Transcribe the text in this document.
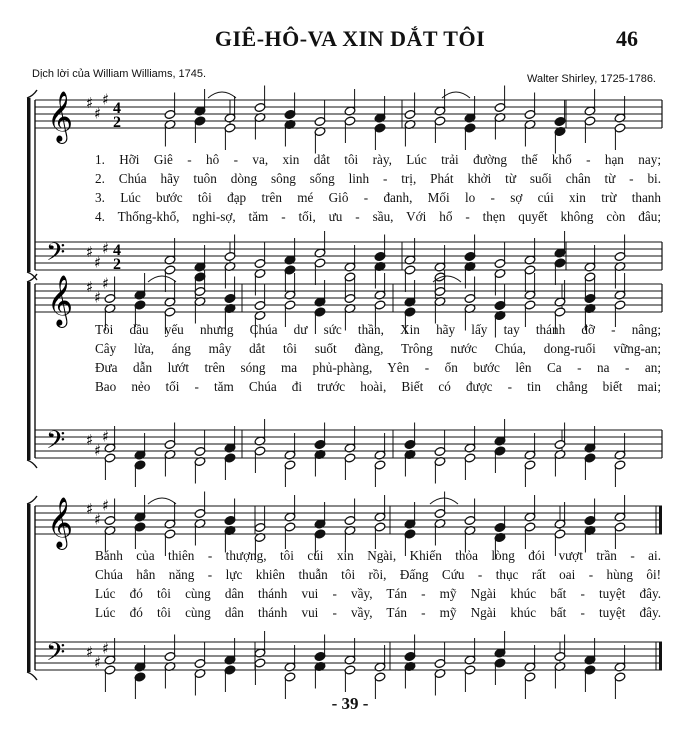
GIÊ-HÔ-VA XIN DẮT TÔI	46
Dịch lời của William Williams, 1745.	Walter Shirley, 1725-1786.
𝄞
𝄢
♯
♯
♯
♯
♯
♯
4
2
4
2
𝄞
𝄢
♯
♯
♯
♯
♯
♯
𝄞
𝄢
♯
♯
♯
♯
♯
♯
1. Hỡi Giê - hô - va, xin dắt tôi rày, Lúc trải đường thế khổ - hạn nay;
2. Chúa hãy tuôn dòng sông sống linh - trị, Phát khởi từ suối chân từ - bi.
3. Lúc bước tôi đạp trên mé Giô - đanh, Mối lo - sợ cúi xin trừ thanh
4. Thống-khổ, nghi-sợ, tăm - tối, ưu - sầu, Với hổ - thẹn quyết không còn đâu;
Tôi dầu yếu nhưng Chúa dư sức thần, Xin hãy lấy tay thánh đỡ - nâng;
Cây lửa, áng mây dắt tôi suốt đàng, Trông nước Chúa, dong-ruổi vững-an;
Đưa dẫn lướt trên sóng ma phủ-phàng, Yên - ổn bước lên Ca - na - an;
Bao nẻo tối - tăm Chúa đi trước hoài, Biết có được - tin chẳng biết mai;
Bánh của thiên - thượng, tôi cúi xin Ngài, Khiến thỏa lòng đói vượt trần - ai.
Chúa hẳn năng - lực khiên thuẫn tôi rồi, Đấng Cứu - thục rất oai - hùng ôi!
Lúc đó tôi cùng dân thánh vui - vầy, Tán - mỹ Ngài khúc bất - tuyệt đây.
Lúc đó tôi cùng dân thánh vui - vầy, Tán - mỹ Ngài khúc bất - tuyệt đây.
- 39 -
